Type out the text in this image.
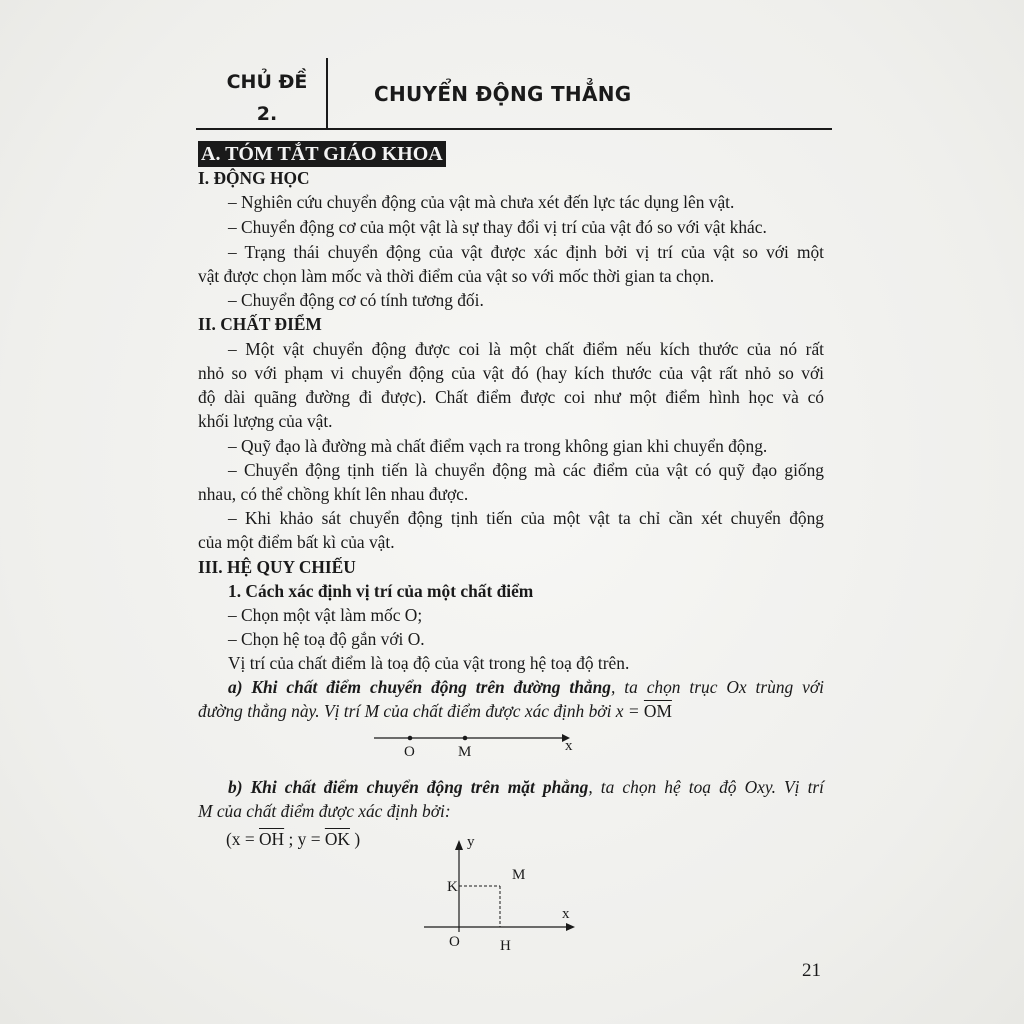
CHỦ ĐỀ
2.
CHUYỂN ĐỘNG THẲNG
A. TÓM TẮT GIÁO KHOA
I. ĐỘNG HỌC
– Nghiên cứu chuyển động của vật mà chưa xét đến lực tác dụng lên vật.
– Chuyển động cơ của một vật là sự thay đổi vị trí của vật đó so với vật khác.
– Trạng thái chuyển động của vật được xác định bởi vị trí của vật so với một
vật được chọn làm mốc và thời điểm của vật so với mốc thời gian ta chọn.
– Chuyển động cơ có tính tương đối.
II. CHẤT ĐIỂM
– Một vật chuyển động được coi là một chất điểm nếu kích thước của nó rất
nhỏ so với phạm vi chuyển động của vật đó (hay kích thước của vật rất nhỏ so với
độ dài quãng đường đi được). Chất điểm được coi như một điểm hình học và có
khối lượng của vật.
– Quỹ đạo là đường mà chất điểm vạch ra trong không gian khi chuyển động.
– Chuyển động tịnh tiến là chuyển động mà các điểm của vật có quỹ đạo giống
nhau, có thể chồng khít lên nhau được.
– Khi khảo sát chuyển động tịnh tiến của một vật ta chỉ cần xét chuyển động
của một điểm bất kì của vật.
III. HỆ QUY CHIẾU
1. Cách xác định vị trí của một chất điểm
– Chọn một vật làm mốc O;
– Chọn hệ toạ độ gắn với O.
Vị trí của chất điểm là toạ độ của vật trong hệ toạ độ trên.
a) Khi chất điểm chuyển động trên đường thẳng, ta chọn trục Ox trùng với
đường thẳng này. Vị trí M của chất điểm được xác định bởi $x = \overline{OM}$
O	M	x
b) Khi chất điểm chuyển động trên mặt phẳng, ta chọn hệ toạ độ Oxy. Vị trí
M của chất điểm được xác định bởi:
($x = \overline{OH}$ ; $y = \overline{OK}$ )	y
x
K
M
O	H
21
